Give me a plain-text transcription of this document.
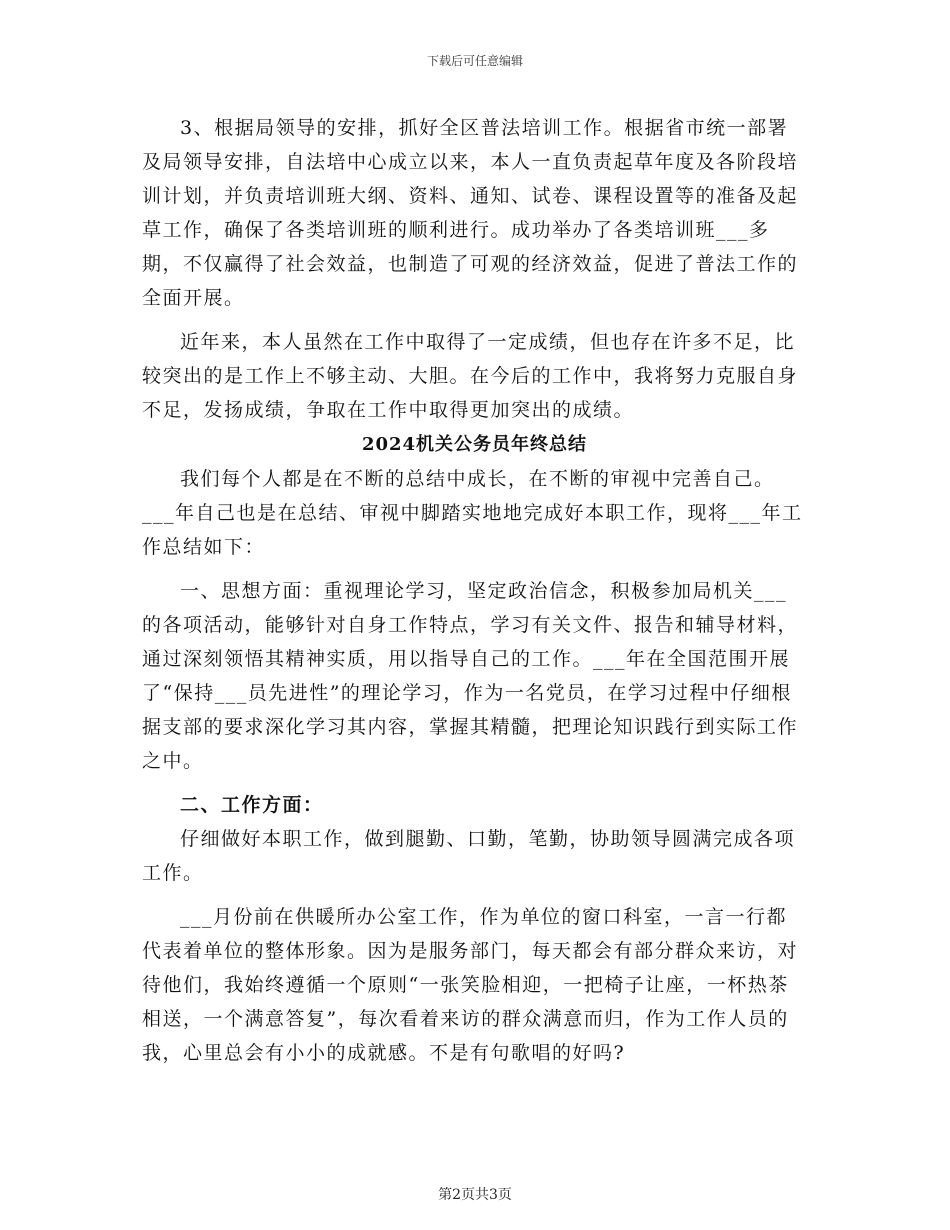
下载后可任意编辑

3、根据局领导的安排，抓好全区普法培训工作。根据省市统一部署及局领导安排，自法培中心成立以来，本人一直负责起草年度及各阶段培训计划，并负责培训班大纲、资料、通知、试卷、课程设置等的准备及起草工作，确保了各类培训班的顺利进行。成功举办了各类培训班___多期，不仅赢得了社会效益，也制造了可观的经济效益，促进了普法工作的全面开展。

近年来，本人虽然在工作中取得了一定成绩，但也存在许多不足，比较突出的是工作上不够主动、大胆。在今后的工作中，我将努力克服自身不足，发扬成绩，争取在工作中取得更加突出的成绩。

2024机关公务员年终总结

我们每个人都是在不断的总结中成长，在不断的审视中完善自己。___年自己也是在总结、审视中脚踏实地地完成好本职工作，现将___年工作总结如下：

一、思想方面：重视理论学习，坚定政治信念，积极参加局机关___的各项活动，能够针对自身工作特点，学习有关文件、报告和辅导材料，通过深刻领悟其精神实质，用以指导自己的工作。___年在全国范围开展了“保持___员先进性”的理论学习，作为一名党员，在学习过程中仔细根据支部的要求深化学习其内容，掌握其精髓，把理论知识践行到实际工作之中。

二、工作方面：

仔细做好本职工作，做到腿勤、口勤，笔勤，协助领导圆满完成各项工作。

___月份前在供暖所办公室工作，作为单位的窗口科室，一言一行都代表着单位的整体形象。因为是服务部门，每天都会有部分群众来访，对待他们，我始终遵循一个原则“一张笑脸相迎，一把椅子让座，一杯热茶相送，一个满意答复”，每次看着来访的群众满意而归，作为工作人员的我，心里总会有小小的成就感。不是有句歌唱的好吗?

第2页共3页
